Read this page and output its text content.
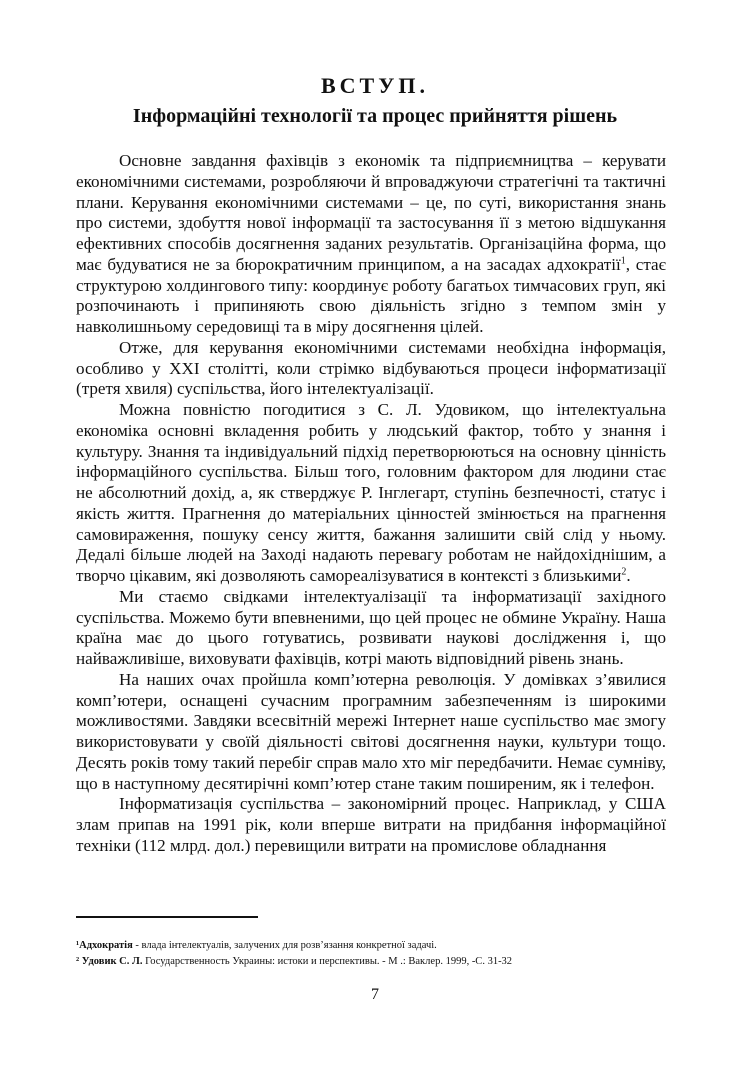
ВСТУП.
Інформаційні технології та процес прийняття рішень

Основне завдання фахівців з економік та підприємництва – керувати економічними системами, розробляючи й впроваджуючи стратегічні та тактичні плани. Керування економічними системами – це, по суті, використання знань про системи, здобуття нової інформації та застосування її з метою відшукання ефективних способів досягнення заданих результатів. Організаційна форма, що має будуватися не за бюрократичним принципом, а на засадах адхократії$^1$, стає структурою холдингового типу: координує роботу багатьох тимчасових груп, які розпочинають і припиняють свою діяльність згідно з темпом змін у навколишньому середовищі та в міру досягнення цілей.

Отже, для керування економічними системами необхідна інформація, особливо у XXI столітті, коли стрімко відбуваються процеси інформатизації (третя хвиля) суспільства, його інтелектуалізації.

Можна повністю погодитися з С. Л. Удовиком, що інтелектуальна економіка основні вкладення робить у людський фактор, тобто у знання і культуру. Знання та індивідуальний підхід перетворюються на основну цінність інформаційного суспільства. Більш того, головним фактором для людини стає не абсолютний дохід, а, як стверджує Р. Інглегарт, ступінь безпечності, статус і якість життя. Прагнення до матеріальних цінностей змінюється на прагнення самовираження, пошуку сенсу життя, бажання залишити свій слід у ньому. Дедалі більше людей на Заході надають перевагу роботам не найдохіднішим, а творчо цікавим, які дозволяють самореалізуватися в контексті з близькими$^2$.

Ми стаємо свідками інтелектуалізації та інформатизації західного суспільства. Можемо бути впевненими, що цей процес не обмине Україну. Наша країна має до цього готуватись, розвивати наукові дослідження і, що найважливіше, виховувати фахівців, котрі мають відповідний рівень знань.

На наших очах пройшла комп’ютерна революція. У домівках з’явилися комп’ютери, оснащені сучасним програмним забезпеченням із широкими можливостями. Завдяки всесвітній мережі Інтернет наше суспільство має змогу використовувати у своїй діяльності світові досягнення науки, культури тощо. Десять років тому такий перебіг справ мало хто міг передбачити. Немає сумніву, що в наступному десятирічні комп’ютер стане таким поширеним, як і телефон.

Інформатизація суспільства – закономірний процес. Наприклад, у США злам припав на 1991 рік, коли вперше витрати на придбання інформаційної техніки (112 млрд. дол.) перевищили витрати на промислове обладнання

¹Адхократія - влада інтелектуалів, залучених для розв’язання конкретної задачі.
² Удовик С. Л. Государственность Украины: истоки и перспективы. - М .: Ваклер. 1999, -С. 31-32
7
